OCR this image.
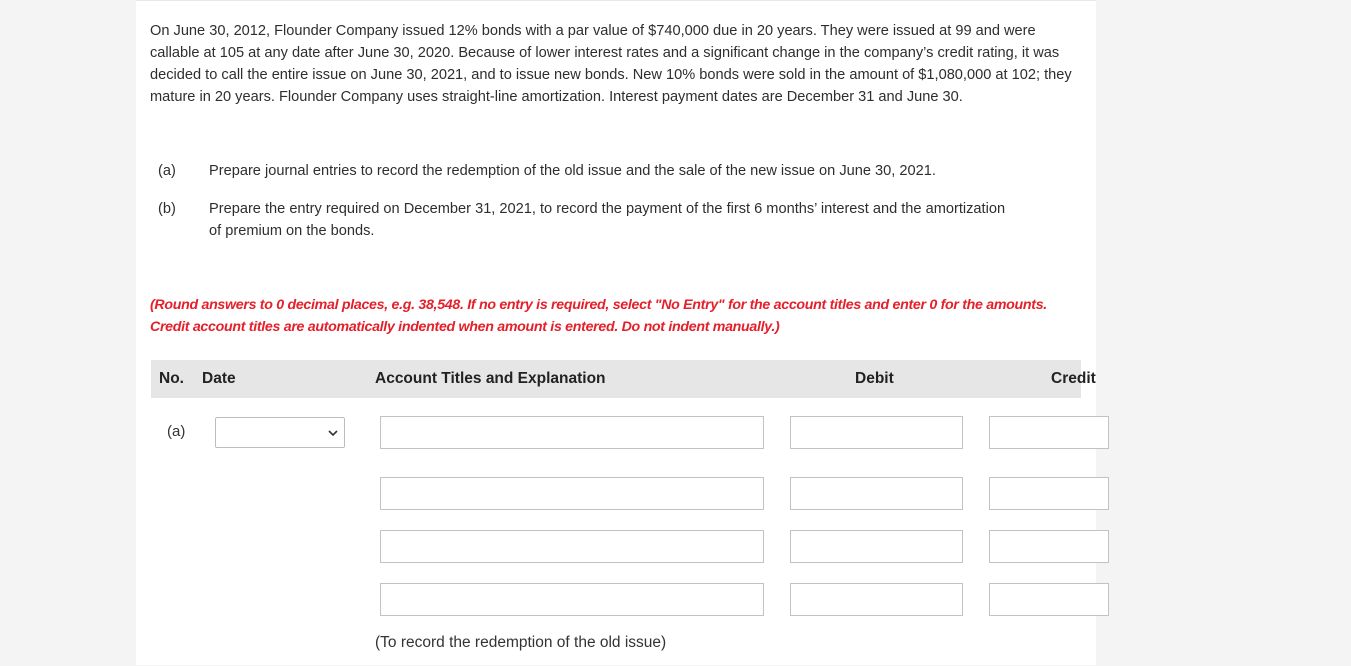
On June 30, 2012, Flounder Company issued 12% bonds with a par value of $740,000 due in 20 years. They were issued at 99 and were callable at 105 at any date after June 30, 2020. Because of lower interest rates and a significant change in the company’s credit rating, it was decided to call the entire issue on June 30, 2021, and to issue new bonds. New 10% bonds were sold in the amount of $1,080,000 at 102; they mature in 20 years. Flounder Company uses straight-line amortization. Interest payment dates are December 31 and June 30.

(a) Prepare journal entries to record the redemption of the old issue and the sale of the new issue on June 30, 2021.
(b) Prepare the entry required on December 31, 2021, to record the payment of the first 6 months’ interest and the amortization of premium on the bonds.
(Round answers to 0 decimal places, e.g. 38,548. If no entry is required, select "No Entry" for the account titles and enter 0 for the amounts. Credit account titles are automatically indented when amount is entered. Do not indent manually.)
No. Date	Account Titles and Explanation	Debit	Credit
(a)
(To record the redemption of the old issue)
